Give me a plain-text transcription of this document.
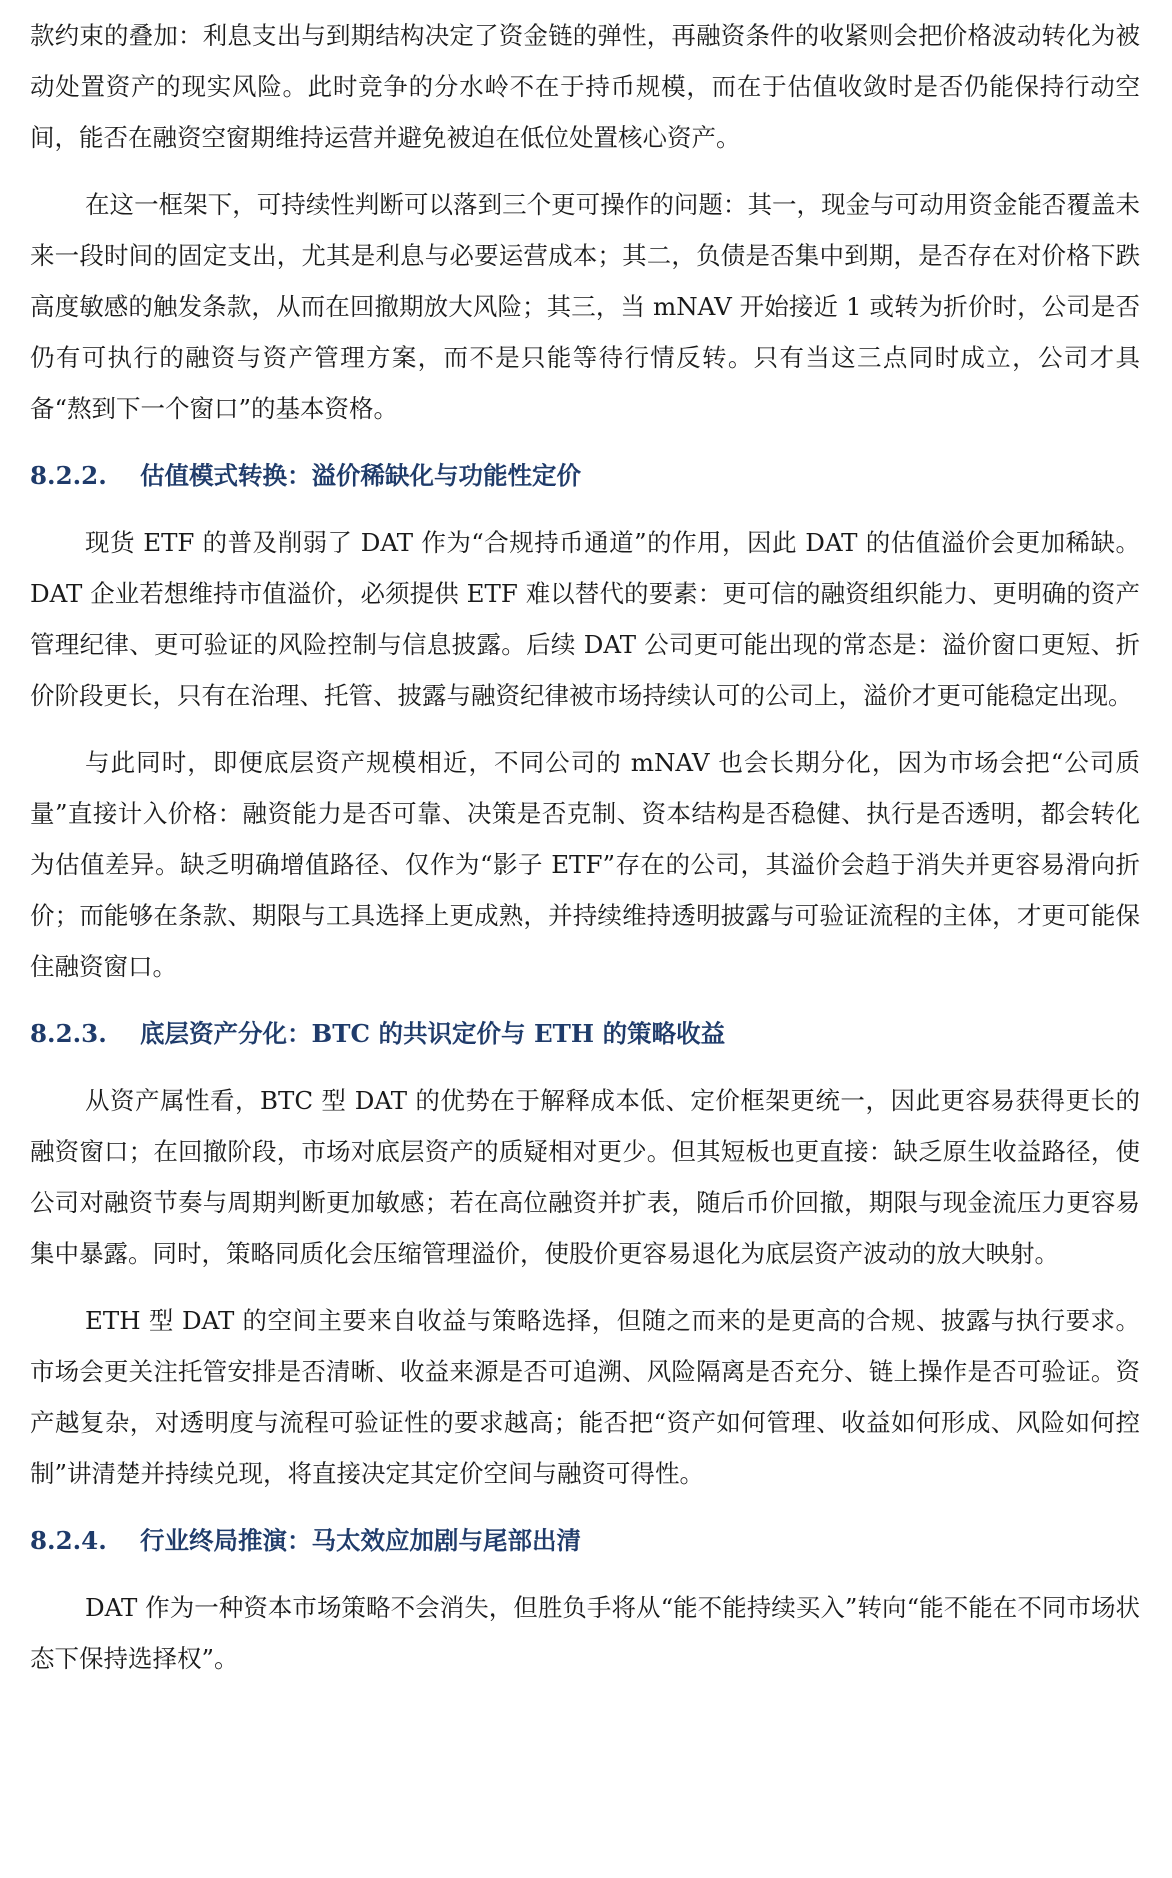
款约束的叠加：利息支出与到期结构决定了资金链的弹性，再融资条件的收紧则会把价格波动转化为被动处置资产的现实风险。此时竞争的分水岭不在于持币规模，而在于估值收敛时是否仍能保持行动空间，能否在融资空窗期维持运营并避免被迫在低位处置核心资产。

在这一框架下，可持续性判断可以落到三个更可操作的问题：其一，现金与可动用资金能否覆盖未来一段时间的固定支出，尤其是利息与必要运营成本；其二，负债是否集中到期，是否存在对价格下跌高度敏感的触发条款，从而在回撤期放大风险；其三，当 mNAV 开始接近 1 或转为折价时，公司是否仍有可执行的融资与资产管理方案，而不是只能等待行情反转。只有当这三点同时成立，公司才具备“熬到下一个窗口”的基本资格。

8.2.2.	估值模式转换：溢价稀缺化与功能性定价

现货 ETF 的普及削弱了 DAT 作为“合规持币通道”的作用，因此 DAT 的估值溢价会更加稀缺。DAT 企业若想维持市值溢价，必须提供 ETF 难以替代的要素：更可信的融资组织能力、更明确的资产管理纪律、更可验证的风险控制与信息披露。后续 DAT 公司更可能出现的常态是：溢价窗口更短、折价阶段更长，只有在治理、托管、披露与融资纪律被市场持续认可的公司上，溢价才更可能稳定出现。

与此同时，即便底层资产规模相近，不同公司的 mNAV 也会长期分化，因为市场会把“公司质量”直接计入价格：融资能力是否可靠、决策是否克制、资本结构是否稳健、执行是否透明，都会转化为估值差异。缺乏明确增值路径、仅作为“影子 ETF”存在的公司，其溢价会趋于消失并更容易滑向折价；而能够在条款、期限与工具选择上更成熟，并持续维持透明披露与可验证流程的主体，才更可能保住融资窗口。

8.2.3.	底层资产分化：BTC 的共识定价与 ETH 的策略收益

从资产属性看，BTC 型 DAT 的优势在于解释成本低、定价框架更统一，因此更容易获得更长的融资窗口；在回撤阶段，市场对底层资产的质疑相对更少。但其短板也更直接：缺乏原生收益路径，使公司对融资节奏与周期判断更加敏感；若在高位融资并扩表，随后币价回撤，期限与现金流压力更容易集中暴露。同时，策略同质化会压缩管理溢价，使股价更容易退化为底层资产波动的放大映射。

ETH 型 DAT 的空间主要来自收益与策略选择，但随之而来的是更高的合规、披露与执行要求。市场会更关注托管安排是否清晰、收益来源是否可追溯、风险隔离是否充分、链上操作是否可验证。资产越复杂，对透明度与流程可验证性的要求越高；能否把“资产如何管理、收益如何形成、风险如何控制”讲清楚并持续兑现，将直接决定其定价空间与融资可得性。

8.2.4.	行业终局推演：马太效应加剧与尾部出清

DAT 作为一种资本市场策略不会消失，但胜负手将从“能不能持续买入”转向“能不能在不同市场状态下保持选择权”。
